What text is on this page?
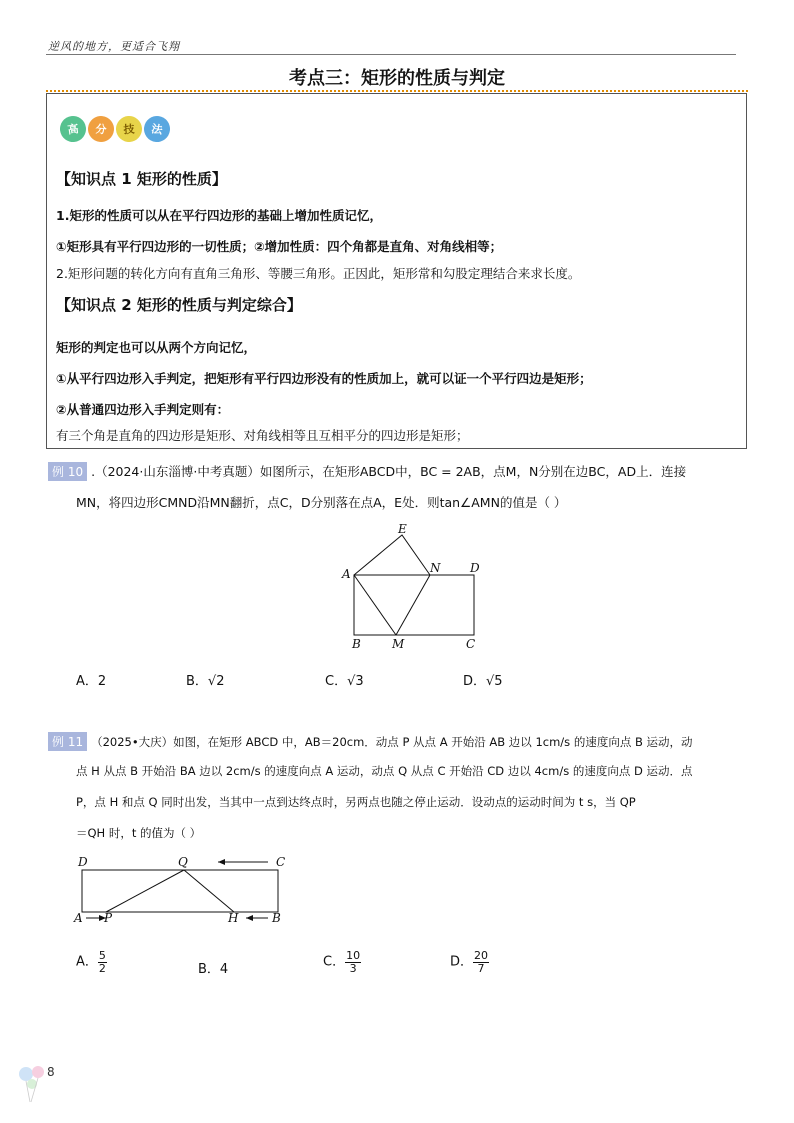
逆风的地方，更适合飞翔
考点三：矩形的性质与判定
高	分	技	法
【知识点 1 矩形的性质】
1.矩形的性质可以从在平行四边形的基础上增加性质记忆，
①矩形具有平行四边形的一切性质；②增加性质：四个角都是直角、对角线相等；
2.矩形问题的转化方向有直角三角形、等腰三角形。正因此，矩形常和勾股定理结合来求长度。
【知识点 2 矩形的性质与判定综合】
矩形的判定也可以从两个方向记忆，
①从平行四边形入手判定，把矩形有平行四边形没有的性质加上，就可以证一个平行四边是矩形；
②从普通四边形入手判定则有：
有三个角是直角的四边形是矩形、对角线相等且互相平分的四边形是矩形；
例 10 .（2024·山东淄博·中考真题）如图所示，在矩形ABCD中，BC = 2AB，点M，N分别在边BC，AD上．连接
MN，将四边形CMND沿MN翻折，点C，D分别落在点A，E处．则tan∠AMN的值是（ ）
E
A	N D
B	M	C
A．2	B．√2	C．√3	D．√5
例 11 （2025•大庆）如图，在矩形 ABCD 中，AB＝20cm．动点 P 从点 A 开始沿 AB 边以 1cm/s 的速度向点 B 运动，动
点 H 从点 B 开始沿 BA 边以 2cm/s 的速度向点 A 运动，动点 Q 从点 C 开始沿 CD 边以 4cm/s 的速度向点 D 运动．点
P，点 H 和点 Q 同时出发，当其中一点到达终点时，另两点也随之停止运动．设动点的运动时间为 t s，当 QP
＝QH 时，t 的值为（ ）
D	Q	C
A P	H	B
A． $\frac{5}{2}$	B．4	C． $\frac{10}{3}$	D． $\frac{20}{7}$
8
